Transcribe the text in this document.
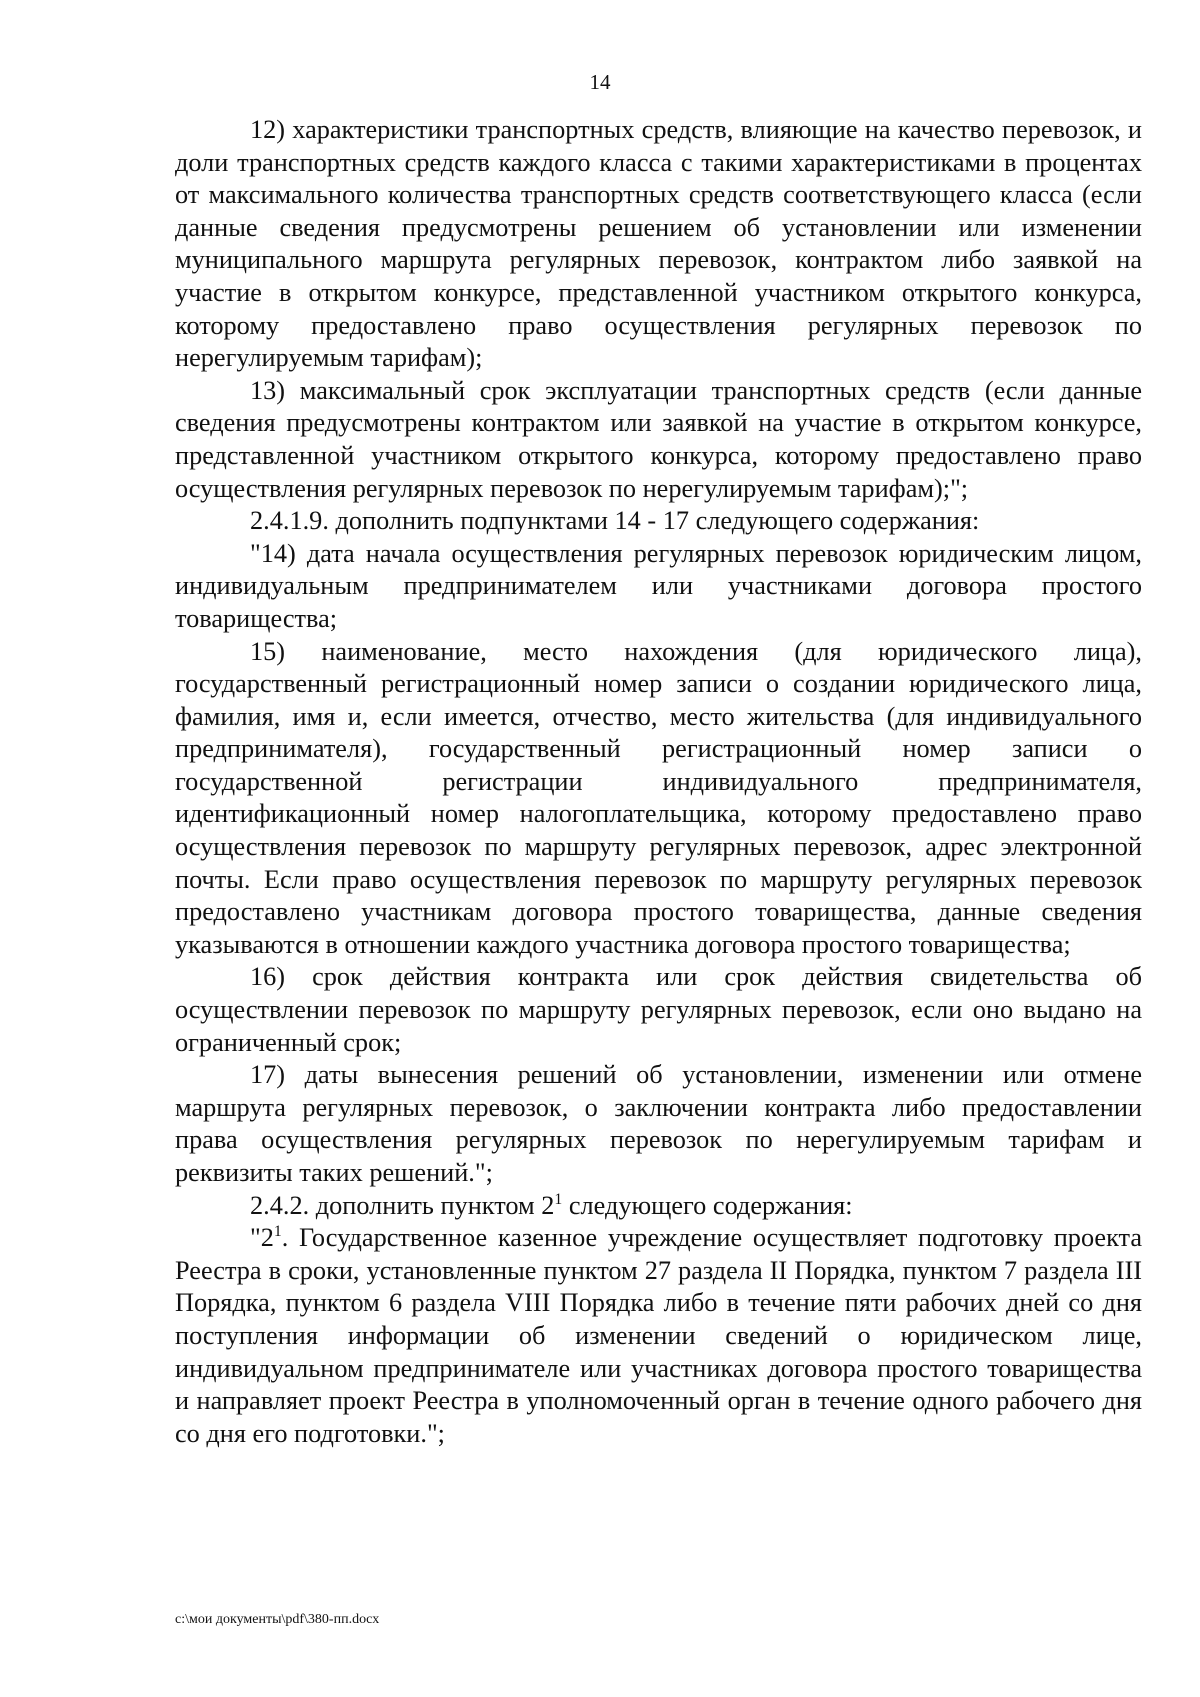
14

12) характеристики транспортных средств, влияющие на качество перевозок, и доли транспортных средств каждого класса с такими характеристиками в процентах от максимального количества транспортных средств соответствующего класса (если данные сведения предусмотрены решением об установлении или изменении муниципального маршрута регулярных перевозок, контрактом либо заявкой на участие в открытом конкурсе, представленной участником открытого конкурса, которому предоставлено право осуществления регулярных перевозок по нерегулируемым тарифам);

13) максимальный срок эксплуатации транспортных средств (если данные сведения предусмотрены контрактом или заявкой на участие в открытом конкурсе, представленной участником открытого конкурса, которому предоставлено право осуществления регулярных перевозок по нерегулируемым тарифам);";

2.4.1.9. дополнить подпунктами 14 - 17 следующего содержания:

"14) дата начала осуществления регулярных перевозок юридическим лицом, индивидуальным предпринимателем или участниками договора простого товарищества;

15) наименование, место нахождения (для юридического лица), государственный регистрационный номер записи о создании юридического лица, фамилия, имя и, если имеется, отчество, место жительства (для индивидуального предпринимателя), государственный регистрационный номер записи о государственной регистрации индивидуального предпринимателя, идентификационный номер налогоплательщика, которому предоставлено право осуществления перевозок по маршруту регулярных перевозок, адрес электронной почты. Если право осуществления перевозок по маршруту регулярных перевозок предоставлено участникам договора простого товарищества, данные сведения указываются в отношении каждого участника договора простого товарищества;

16) срок действия контракта или срок действия свидетельства об осуществлении перевозок по маршруту регулярных перевозок, если оно выдано на ограниченный срок;

17) даты вынесения решений об установлении, изменении или отмене маршрута регулярных перевозок, о заключении контракта либо предоставлении права осуществления регулярных перевозок по нерегулируемым тарифам и реквизиты таких решений.";

2.4.2. дополнить пунктом $2^1$ следующего содержания:

"$2^1$. Государственное казенное учреждение осуществляет подготовку проекта Реестра в сроки, установленные пунктом 27 раздела II Порядка, пунктом 7 раздела III Порядка, пунктом 6 раздела VIII Порядка либо в течение пяти рабочих дней со дня поступления информации об изменении сведений о юридическом лице, индивидуальном предпринимателе или участниках договора простого товарищества и направляет проект Реестра в уполномоченный орган в течение одного рабочего дня со дня его подготовки.";

c:\мои документы\pdf\380-пп.docx
